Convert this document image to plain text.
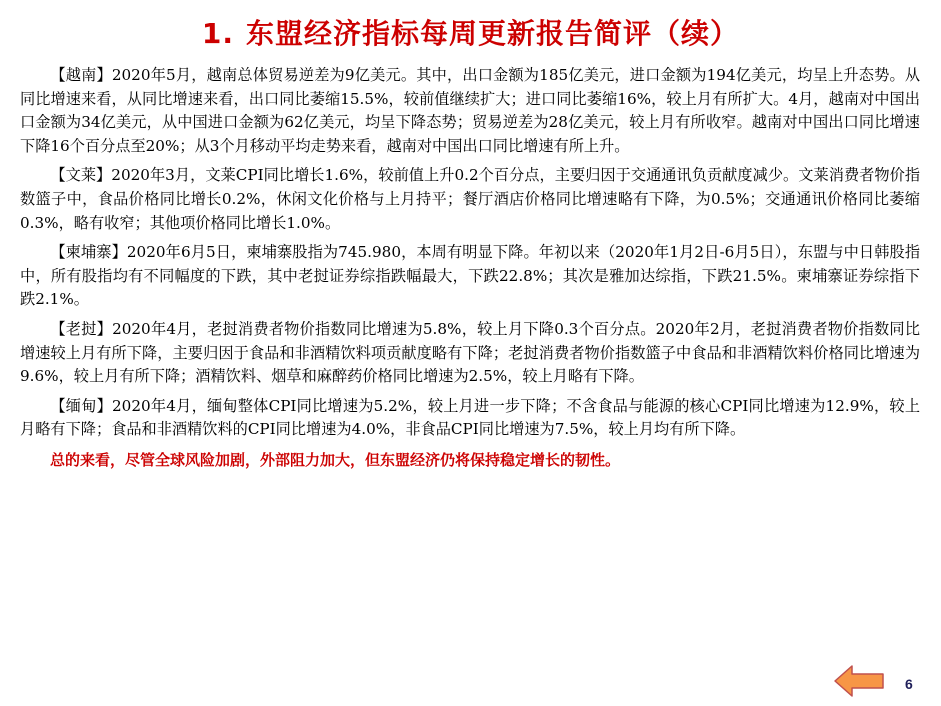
1. 东盟经济指标每周更新报告简评（续）

【越南】2020年5月，越南总体贸易逆差为9亿美元。其中，出口金额为185亿美元，进口金额为194亿美元，均呈上升态势。从同比增速来看，从同比增速来看，出口同比萎缩15.5%，较前值继续扩大；进口同比萎缩16%，较上月有所扩大。4月，越南对中国出口金额为34亿美元，从中国进口金额为62亿美元，均呈下降态势；贸易逆差为28亿美元，较上月有所收窄。越南对中国出口同比增速下降16个百分点至20%；从3个月移动平均走势来看，越南对中国出口同比增速有所上升。

【文莱】2020年3月，文莱CPI同比增长1.6%，较前值上升0.2个百分点，主要归因于交通通讯负贡献度减少。文莱消费者物价指数篮子中，食品价格同比增长0.2%，休闲文化价格与上月持平；餐厅酒店价格同比增速略有下降，为0.5%；交通通讯价格同比萎缩0.3%，略有收窄；其他项价格同比增长1.0%。

【柬埔寨】2020年6月5日，柬埔寨股指为745.980，本周有明显下降。年初以来（2020年1月2日-6月5日），东盟与中日韩股指中，所有股指均有不同幅度的下跌，其中老挝证券综指跌幅最大，下跌22.8%；其次是雅加达综指，下跌21.5%。柬埔寨证券综指下跌2.1%。

【老挝】2020年4月，老挝消费者物价指数同比增速为5.8%，较上月下降0.3个百分点。2020年2月，老挝消费者物价指数同比增速较上月有所下降，主要归因于食品和非酒精饮料项贡献度略有下降；老挝消费者物价指数篮子中食品和非酒精饮料价格同比增速为9.6%，较上月有所下降；酒精饮料、烟草和麻醉药价格同比增速为2.5%，较上月略有下降。

【缅甸】2020年4月，缅甸整体CPI同比增速为5.2%，较上月进一步下降；不含食品与能源的核心CPI同比增速为12.9%，较上月略有下降；食品和非酒精饮料的CPI同比增速为4.0%，非食品CPI同比增速为7.5%，较上月均有所下降。

总的来看，尽管全球风险加剧，外部阻力加大，但东盟经济仍将保持稳定增长的韧性。

6
